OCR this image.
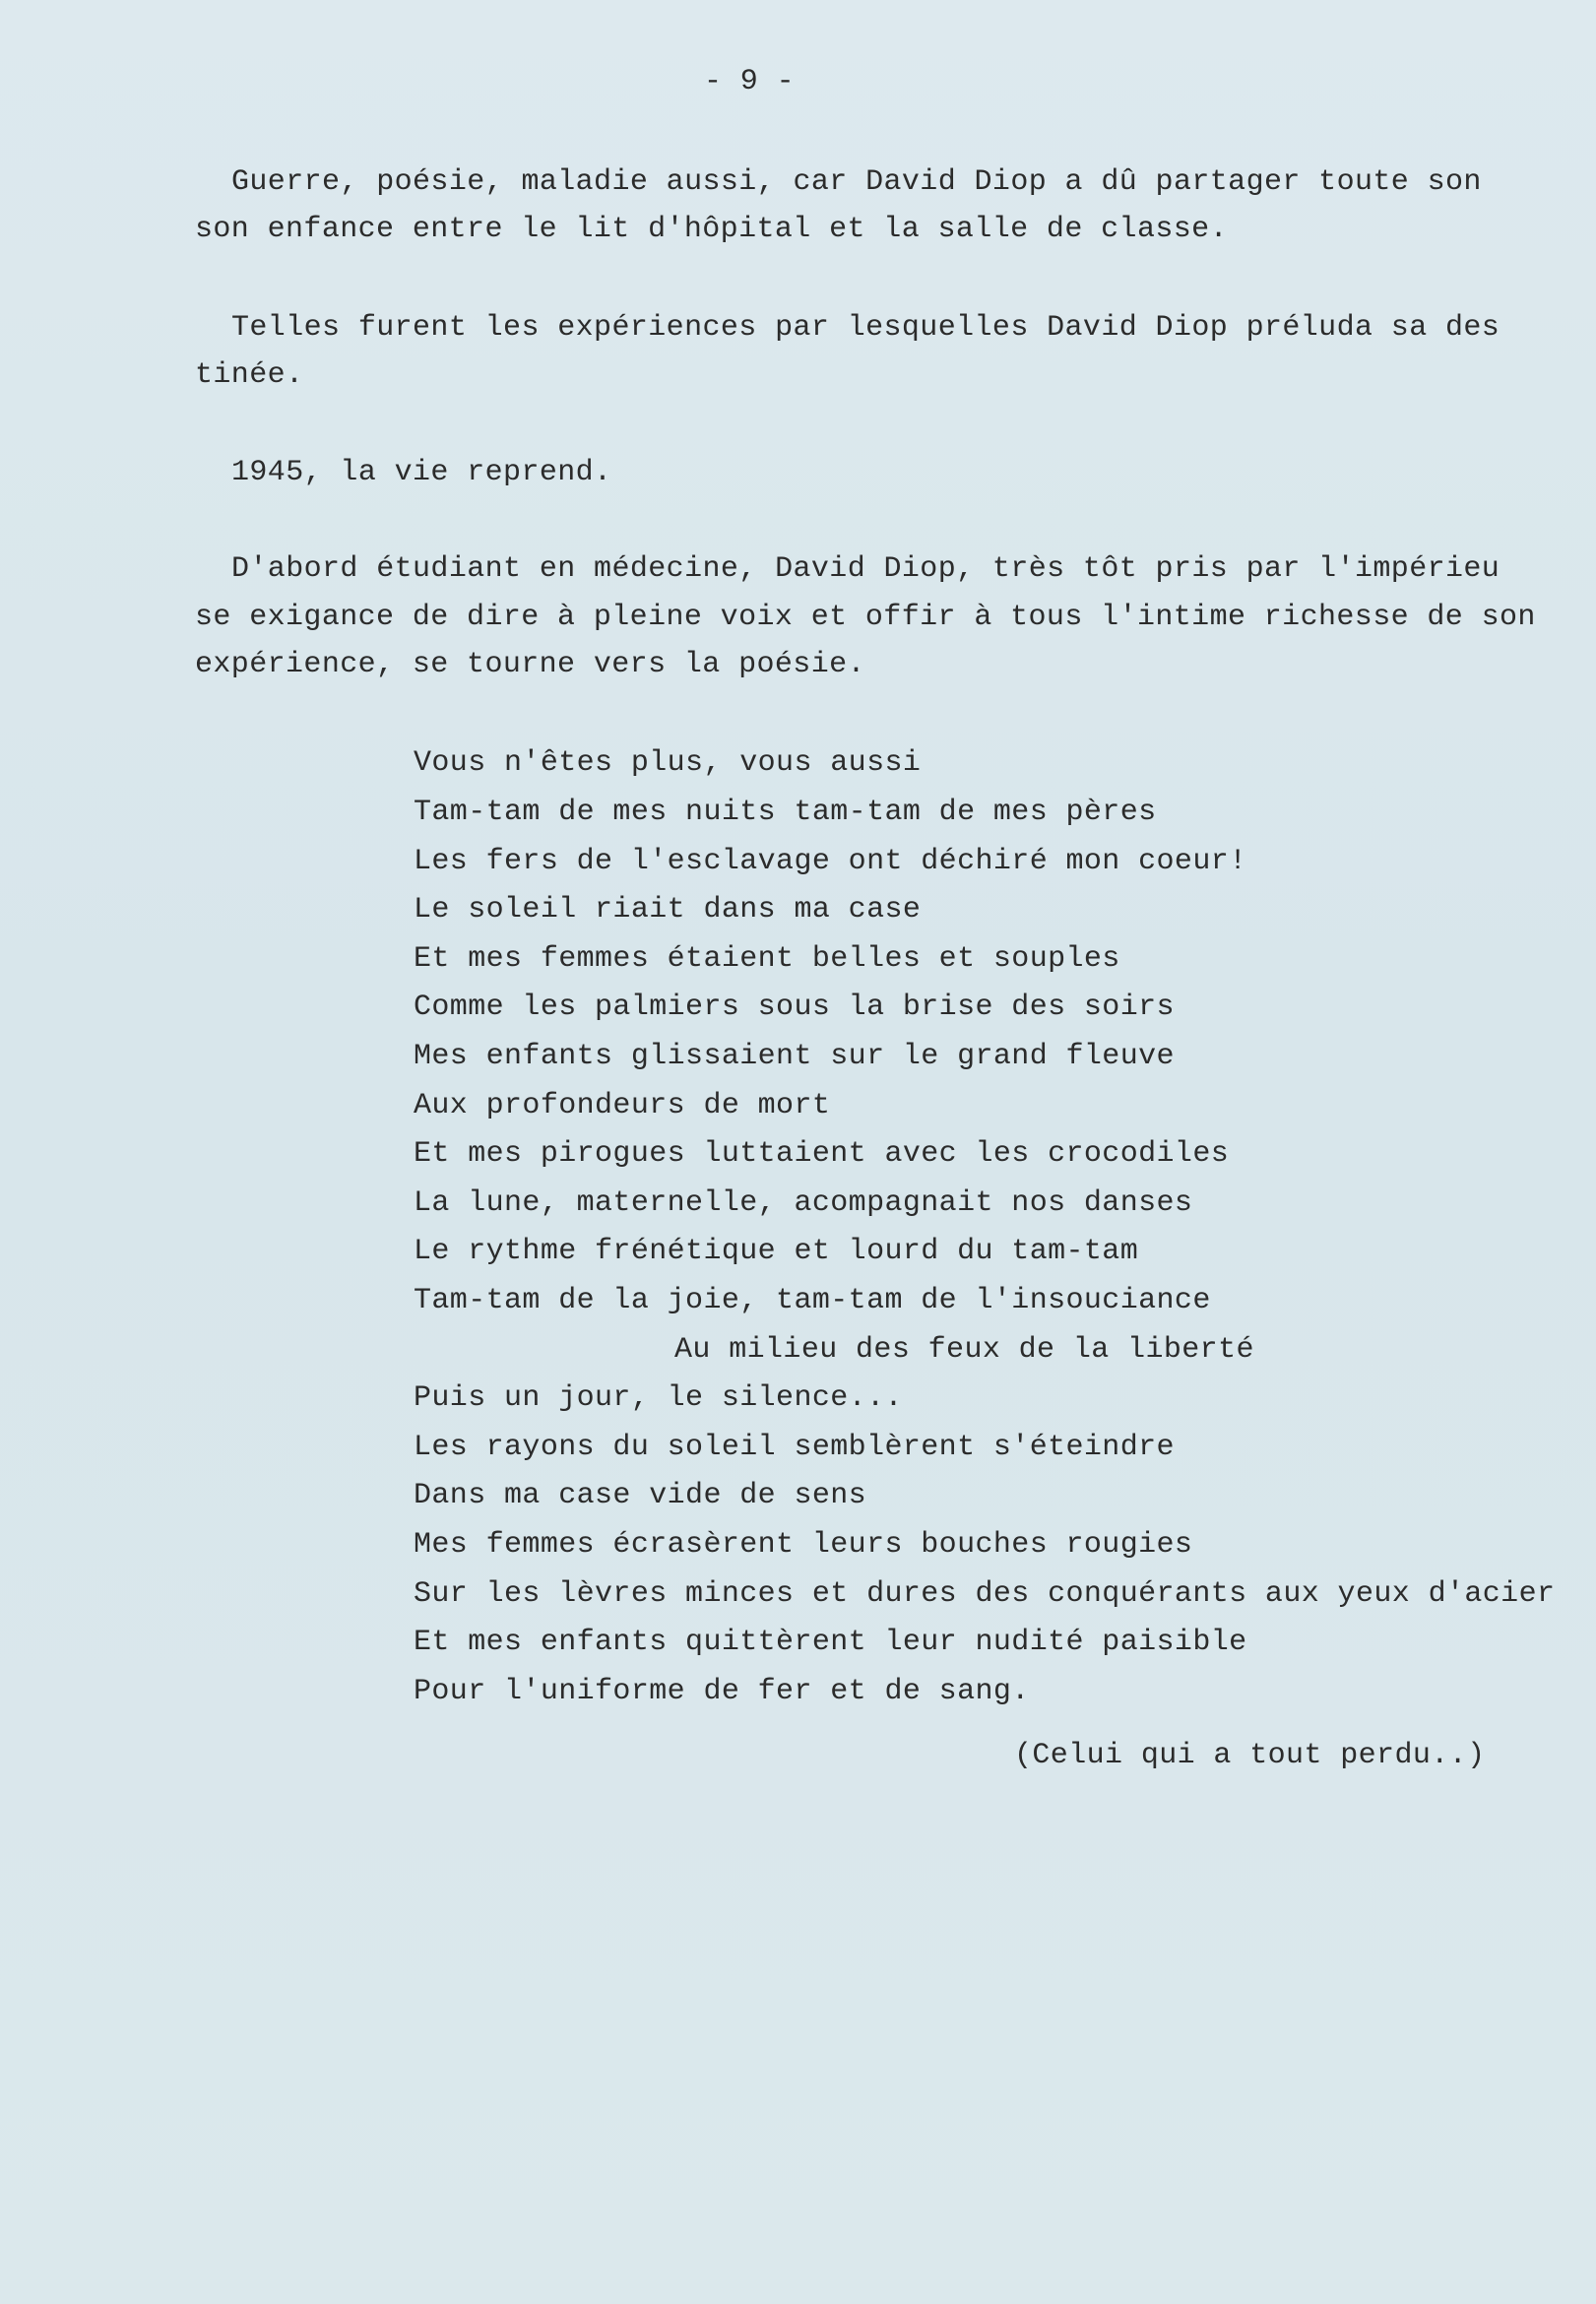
- 9 -
Guerre, poésie, maladie aussi, car David Diop a dû partager toute son
son enfance entre le lit d'hôpital et la salle de classe.
Telles furent les expériences par lesquelles David Diop préluda sa des
tinée.
1945, la vie reprend.
D'abord étudiant en médecine, David Diop, très tôt pris par l'impérieu
se exigance de dire à pleine voix et offir à tous l'intime richesse de son
expérience, se tourne vers la poésie.
Vous n'êtes plus, vous aussi
Tam-tam de mes nuits tam-tam de mes pères
Les fers de l'esclavage ont déchiré mon coeur!
Le soleil riait dans ma case
Et mes femmes étaient belles et souples
Comme les palmiers sous la brise des soirs
Mes enfants glissaient sur le grand fleuve
Aux profondeurs de mort
Et mes pirogues luttaient avec les crocodiles
La lune, maternelle, acompagnait nos danses
Le rythme frénétique et lourd du tam-tam
Tam-tam de la joie, tam-tam de l'insouciance
Au milieu des feux de la liberté
Puis un jour, le silence...
Les rayons du soleil semblèrent s'éteindre
Dans ma case vide de sens
Mes femmes écrasèrent leurs bouches rougies
Sur les lèvres minces et dures des conquérants aux yeux d'acier
Et mes enfants quittèrent leur nudité paisible
Pour l'uniforme de fer et de sang.
(Celui qui a tout perdu..)
